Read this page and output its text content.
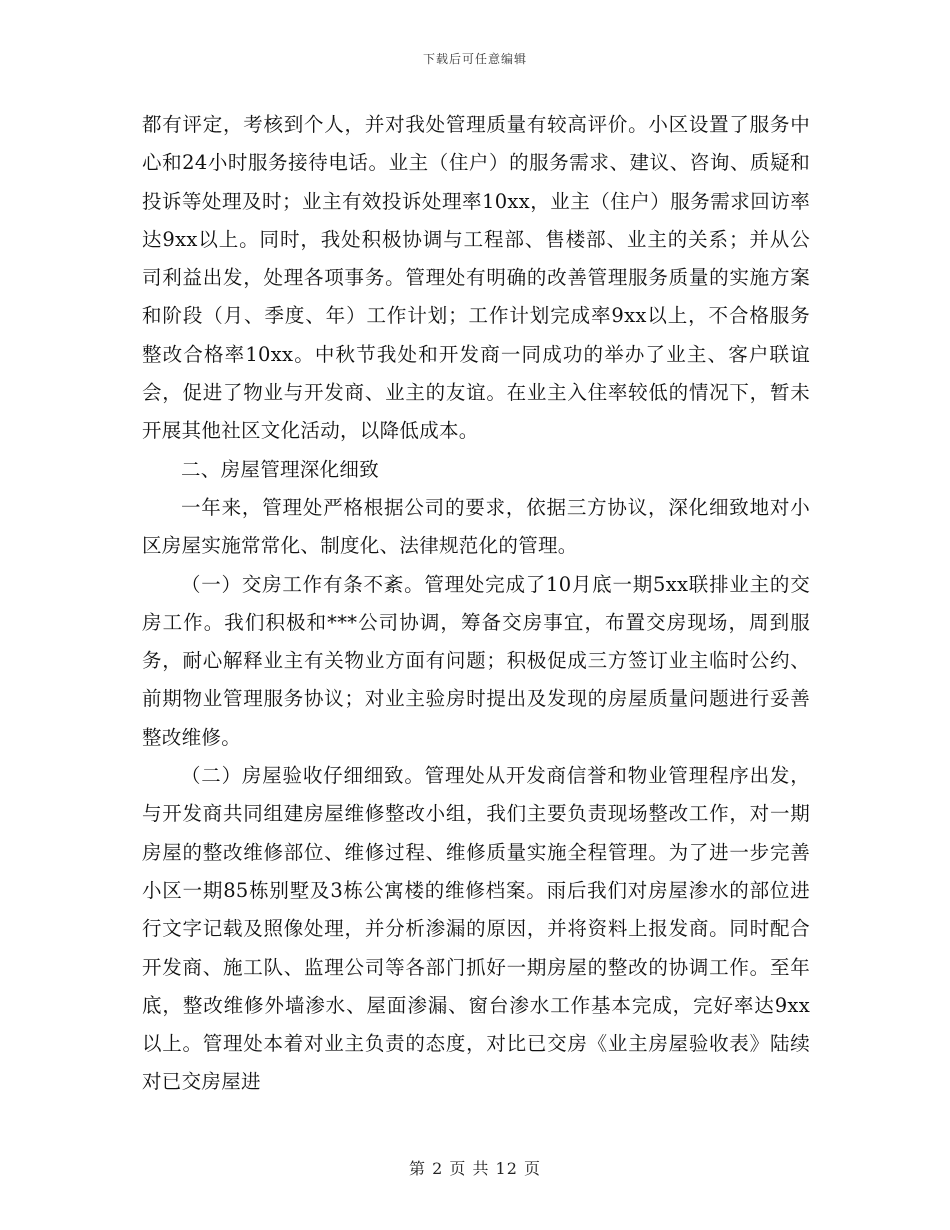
下载后可任意编辑

都有评定，考核到个人，并对我处管理质量有较高评价。小区设置了服务中心和24小时服务接待电话。业主（住户）的服务需求、建议、咨询、质疑和投诉等处理及时；业主有效投诉处理率10xx，业主（住户）服务需求回访率达9xx以上。同时，我处积极协调与工程部、售楼部、业主的关系；并从公司利益出发，处理各项事务。管理处有明确的改善管理服务质量的实施方案和阶段（月、季度、年）工作计划；工作计划完成率9xx以上，不合格服务整改合格率10xx。中秋节我处和开发商一同成功的举办了业主、客户联谊会，促进了物业与开发商、业主的友谊。在业主入住率较低的情况下，暂未开展其他社区文化活动，以降低成本。

二、房屋管理深化细致

一年来，管理处严格根据公司的要求，依据三方协议，深化细致地对小区房屋实施常常化、制度化、法律规范化的管理。

（一）交房工作有条不紊。管理处完成了10月底一期5xx联排业主的交房工作。我们积极和***公司协调，筹备交房事宜，布置交房现场，周到服务，耐心解释业主有关物业方面有问题；积极促成三方签订业主临时公约、前期物业管理服务协议；对业主验房时提出及发现的房屋质量问题进行妥善整改维修。

（二）房屋验收仔细细致。管理处从开发商信誉和物业管理程序出发，与开发商共同组建房屋维修整改小组，我们主要负责现场整改工作，对一期房屋的整改维修部位、维修过程、维修质量实施全程管理。为了进一步完善小区一期85栋别墅及3栋公寓楼的维修档案。雨后我们对房屋渗水的部位进行文字记载及照像处理，并分析渗漏的原因，并将资料上报发商。同时配合开发商、施工队、监理公司等各部门抓好一期房屋的整改的协调工作。至年底，整改维修外墙渗水、屋面渗漏、窗台渗水工作基本完成，完好率达9xx以上。管理处本着对业主负责的态度，对比已交房《业主房屋验收表》陆续对已交房屋进

第 2 页 共 12 页
